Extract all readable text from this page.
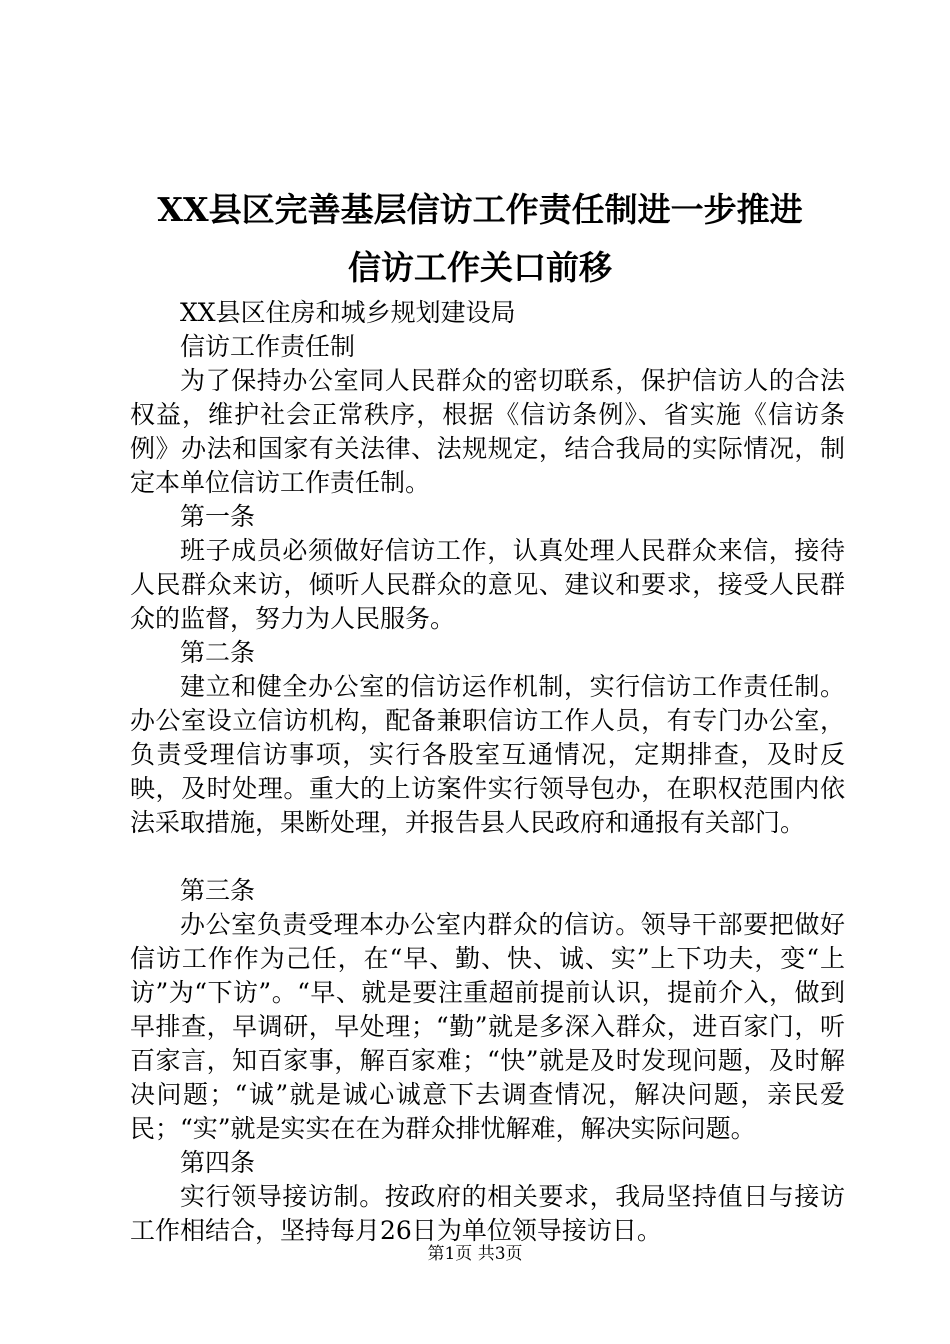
XX县区完善基层信访工作责任制进一步推进
信访工作关口前移

XX县区住房和城乡规划建设局

信访工作责任制

为了保持办公室同人民群众的密切联系，保护信访人的合法权益，维护社会正常秩序，根据《信访条例》、省实施《信访条例》办法和国家有关法律、法规规定，结合我局的实际情况，制定本单位信访工作责任制。

第一条

班子成员必须做好信访工作，认真处理人民群众来信，接待人民群众来访，倾听人民群众的意见、建议和要求，接受人民群众的监督，努力为人民服务。

第二条

建立和健全办公室的信访运作机制，实行信访工作责任制。办公室设立信访机构，配备兼职信访工作人员，有专门办公室，负责受理信访事项，实行各股室互通情况，定期排查，及时反映，及时处理。重大的上访案件实行领导包办，在职权范围内依法采取措施，果断处理，并报告县人民政府和通报有关部门。

第三条

办公室负责受理本办公室内群众的信访。领导干部要把做好信访工作作为己任，在“早、勤、快、诚、实”上下功夫，变“上访”为“下访”。“早、就是要注重超前提前认识，提前介入，做到早排查，早调研，早处理；“勤”就是多深入群众，进百家门，听百家言，知百家事，解百家难；“快”就是及时发现问题，及时解决问题；“诚”就是诚心诚意下去调查情况，解决问题，亲民爱民；“实”就是实实在在为群众排忧解难，解决实际问题。

第四条

实行领导接访制。按政府的相关要求，我局坚持值日与接访工作相结合，坚持每月26日为单位领导接访日。

第1页 共3页
